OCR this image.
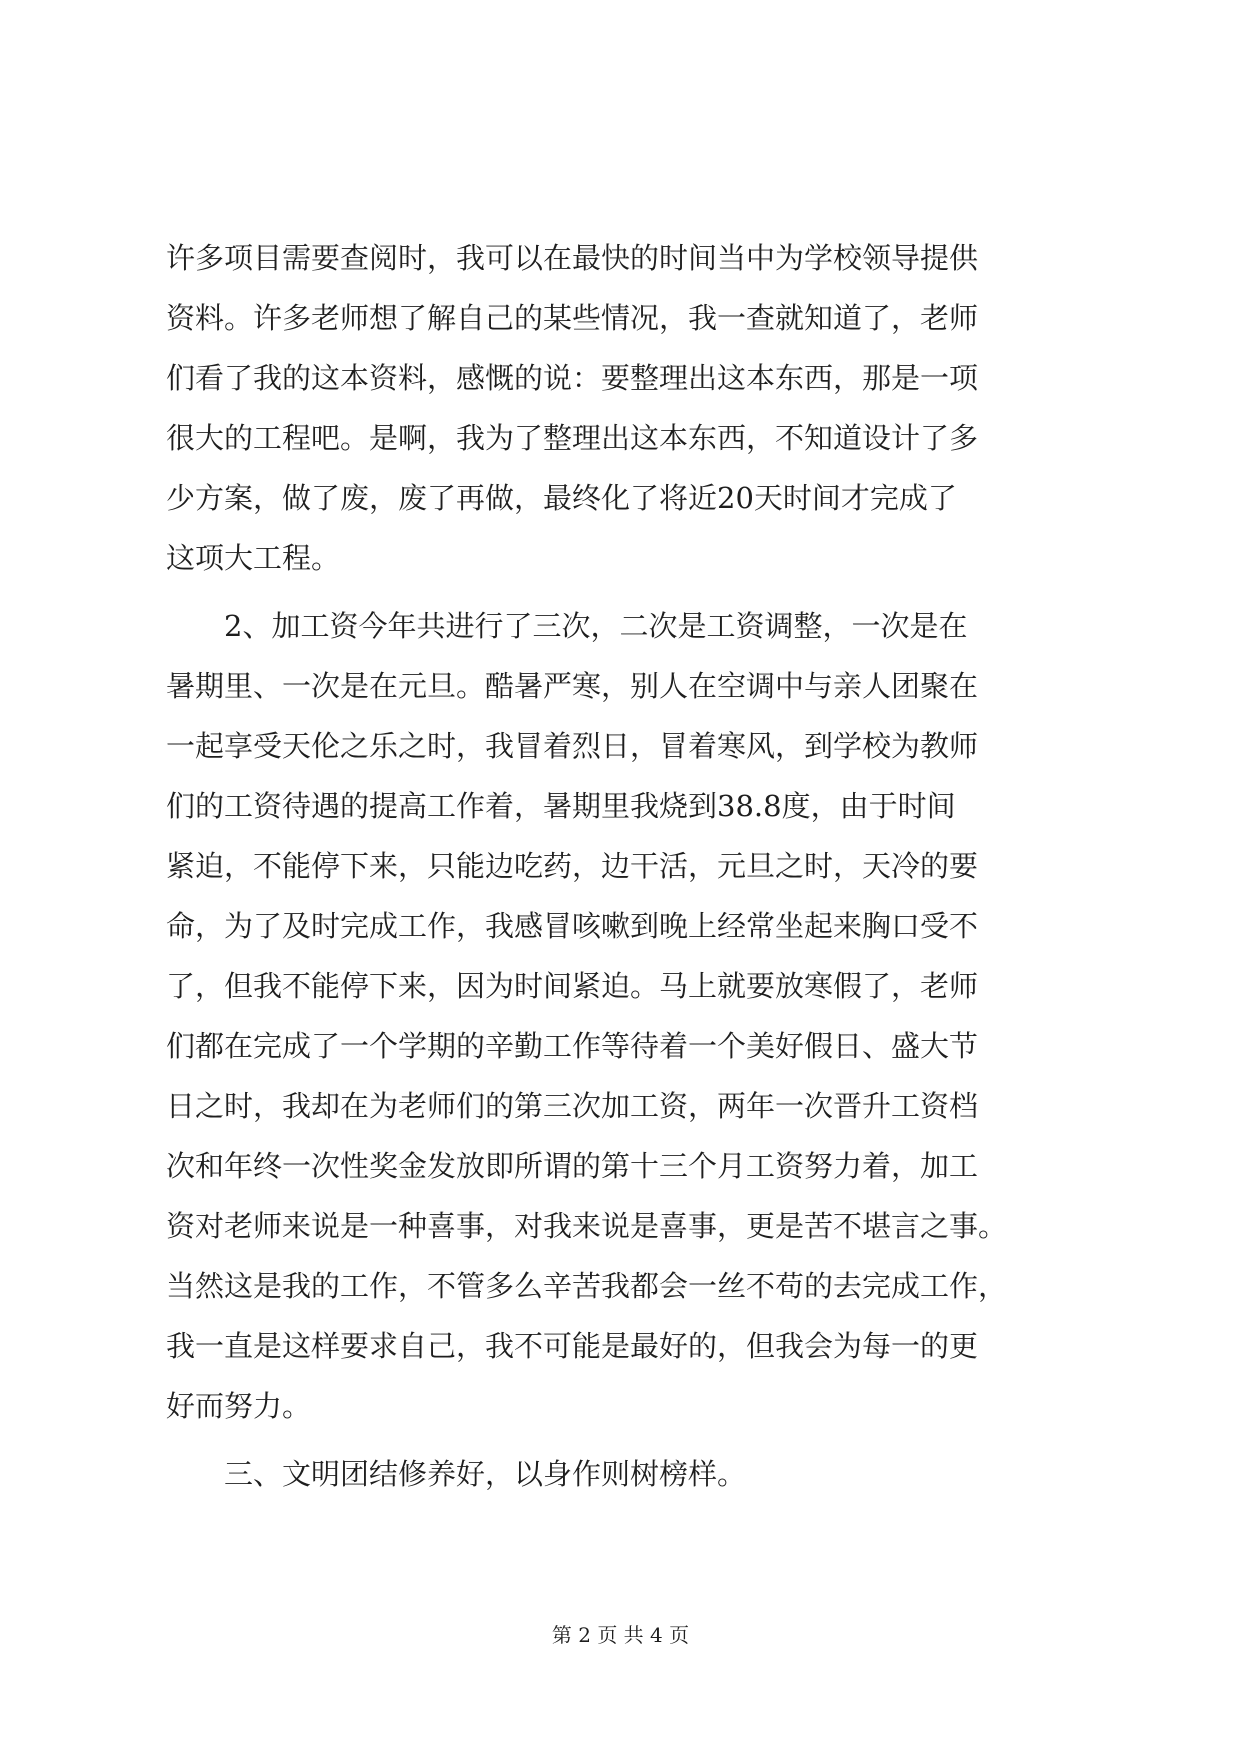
许多项目需要查阅时，我可以在最快的时间当中为学校领导提供

资料。许多老师想了解自己的某些情况，我一查就知道了，老师

们看了我的这本资料，感慨的说：要整理出这本东西，那是一项

很大的工程吧。是啊，我为了整理出这本东西，不知道设计了多

少方案，做了废，废了再做，最终化了将近20天时间才完成了

这项大工程。

2、加工资今年共进行了三次，二次是工资调整，一次是在

暑期里、一次是在元旦。酷暑严寒，别人在空调中与亲人团聚在

一起享受天伦之乐之时，我冒着烈日，冒着寒风，到学校为教师

们的工资待遇的提高工作着，暑期里我烧到38.8度，由于时间

紧迫，不能停下来，只能边吃药，边干活，元旦之时，天冷的要

命，为了及时完成工作，我感冒咳嗽到晚上经常坐起来胸口受不

了，但我不能停下来，因为时间紧迫。马上就要放寒假了，老师

们都在完成了一个学期的辛勤工作等待着一个美好假日、盛大节

日之时，我却在为老师们的第三次加工资，两年一次晋升工资档

次和年终一次性奖金发放即所谓的第十三个月工资努力着，加工

资对老师来说是一种喜事，对我来说是喜事，更是苦不堪言之事。

当然这是我的工作，不管多么辛苦我都会一丝不苟的去完成工作，

我一直是这样要求自己，我不可能是最好的，但我会为每一的更

好而努力。

三、文明团结修养好，以身作则树榜样。

第 2 页 共 4 页
